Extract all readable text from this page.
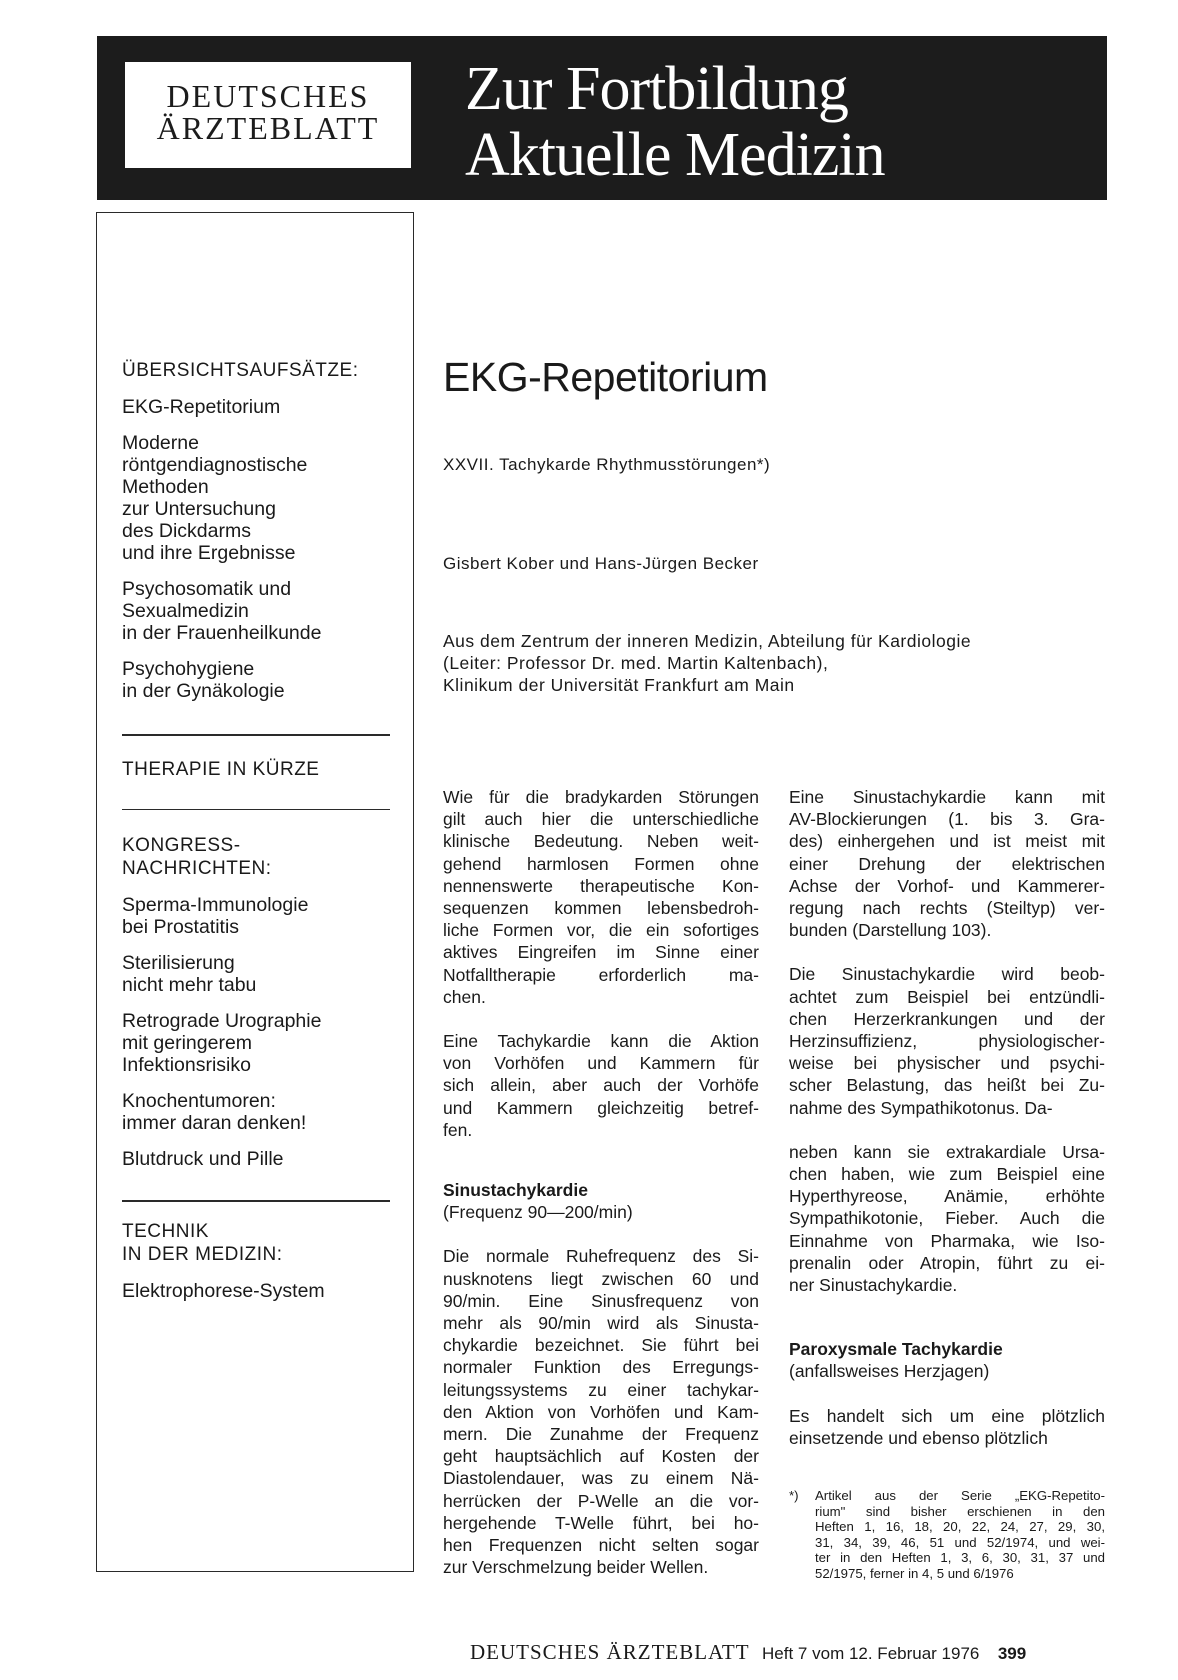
DEUTSCHES
ÄRZTEBLATT
Zur Fortbildung
Aktuelle Medizin
ÜBERSICHTSAUFSÄTZE:
EKG-Repetitorium
Moderne
röntgendiagnostische
Methoden
zur Untersuchung
des Dickdarms
und ihre Ergebnisse
Psychosomatik und
Sexualmedizin
in der Frauenheilkunde
Psychohygiene
in der Gynäkologie
THERAPIE IN KÜRZE
KONGRESS-
NACHRICHTEN:
Sperma-Immunologie
bei Prostatitis
Sterilisierung
nicht mehr tabu
Retrograde Urographie
mit geringerem
Infektionsrisiko
Knochentumoren:
immer daran denken!
Blutdruck und Pille
TECHNIK
IN DER MEDIZIN:
Elektrophorese-System
EKG-Repetitorium
XXVII. Tachykarde Rhythmusstörungen*)
Gisbert Kober und Hans-Jürgen Becker
Aus dem Zentrum der inneren Medizin, Abteilung für Kardiologie
(Leiter: Professor Dr. med. Martin Kaltenbach),
Klinikum der Universität Frankfurt am Main

Wie für die bradykarden Störungen
gilt auch hier die unterschiedliche
klinische Bedeutung. Neben weit-
gehend harmlosen Formen ohne
nennenswerte therapeutische Kon-
sequenzen kommen lebensbedroh-
liche Formen vor, die ein sofortiges
aktives Eingreifen im Sinne einer
Notfalltherapie erforderlich ma-
chen.

Eine Tachykardie kann die Aktion
von Vorhöfen und Kammern für
sich allein, aber auch der Vorhöfe
und Kammern gleichzeitig betref-
fen.

Sinustachykardie
(Frequenz 90—200/min)

Die normale Ruhefrequenz des Si-
nusknotens liegt zwischen 60 und
90/min. Eine Sinusfrequenz von
mehr als 90/min wird als Sinusta-
chykardie bezeichnet. Sie führt bei
normaler Funktion des Erregungs-
leitungssystems zu einer tachykar-
den Aktion von Vorhöfen und Kam-
mern. Die Zunahme der Frequenz
geht hauptsächlich auf Kosten der
Diastolendauer, was zu einem Nä-
herrücken der P-Welle an die vor-
hergehende T-Welle führt, bei ho-
hen Frequenzen nicht selten sogar
zur Verschmelzung beider Wellen.

Eine Sinustachykardie kann mit
AV-Blockierungen (1. bis 3. Gra-
des) einhergehen und ist meist mit
einer Drehung der elektrischen
Achse der Vorhof- und Kammerer-
regung nach rechts (Steiltyp) ver-
bunden (Darstellung 103).

Die Sinustachykardie wird beob-
achtet zum Beispiel bei entzündli-
chen Herzerkrankungen und der
Herzinsuffizienz, physiologischer-
weise bei physischer und psychi-
scher Belastung, das heißt bei Zu-
nahme des Sympathikotonus. Da-

neben kann sie extrakardiale Ursa-
chen haben, wie zum Beispiel eine
Hyperthyreose, Anämie, erhöhte
Sympathikotonie, Fieber. Auch die
Einnahme von Pharmaka, wie Iso-
prenalin oder Atropin, führt zu ei-
ner Sinustachykardie.

Paroxysmale Tachykardie
(anfallsweises Herzjagen)

Es handelt sich um eine plötzlich
einsetzende und ebenso plötzlich

*) Artikel aus der Serie „EKG-Repetito-
rium" sind bisher erschienen in den
Heften 1, 16, 18, 20, 22, 24, 27, 29, 30,
31, 34, 39, 46, 51 und 52/1974, und wei-
ter in den Heften 1, 3, 6, 30, 31, 37 und
52/1975, ferner in 4, 5 und 6/1976

DEUTSCHES ÄRZTEBLATT Heft 7 vom 12. Februar 1976 399
